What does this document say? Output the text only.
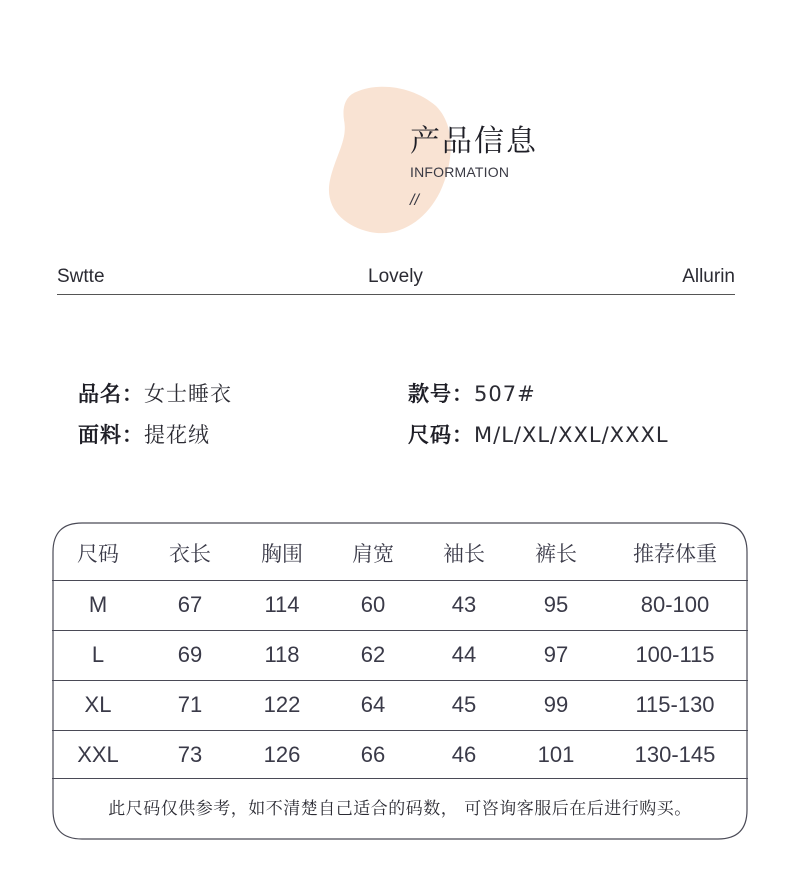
产品信息
INFORMATION
//
Swtte	Lovely	Allurin
品名：女士睡衣
面料：提花绒
款号：507#
尺码：M/L/XL/XXL/XXXL
尺码	衣长	胸围	肩宽	袖长	裤长	推荐体重
M	67	114	60	43	95	80-100
L	69	118	62	44	97	100-115
XL	71	122	64	45	99	115-130
XXL	73	126	66	46	101	130-145
此尺码仅供参考，如不清楚自己适合的码数， 可咨询客服后在后进行购买。
